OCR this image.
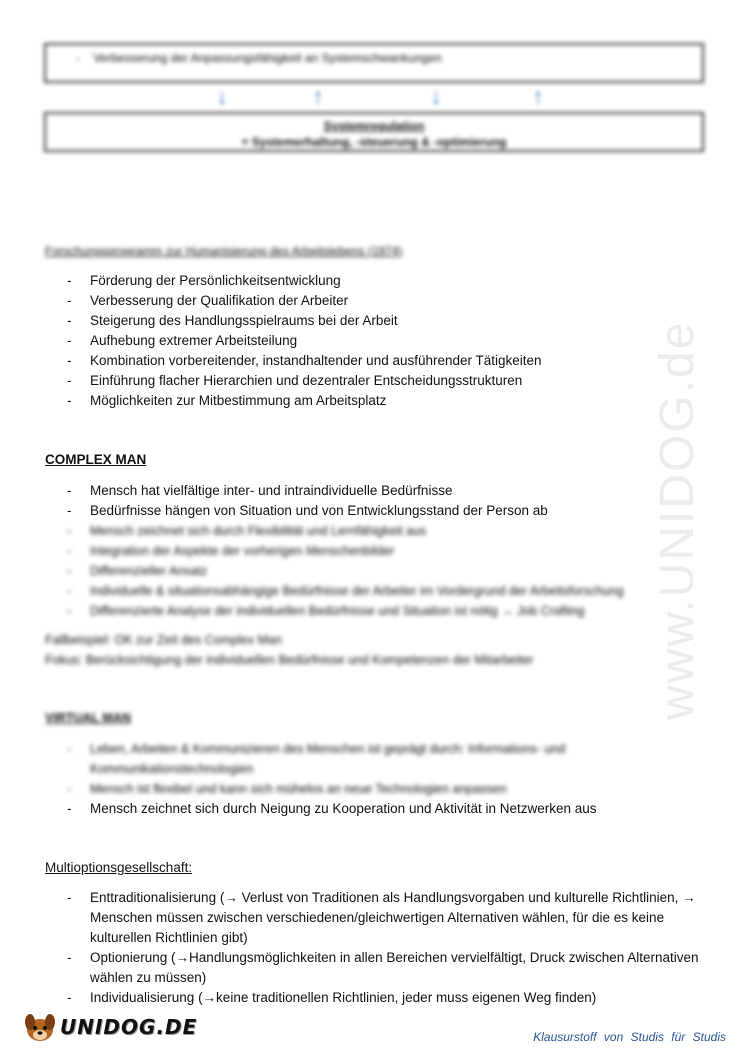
www.UNIDOG.de
-    Verbesserung der Anpassungsfähigkeit an Systemschwankungen
↓	↑	↓	↑
Systemregulation
= Systemerhaltung, -steuerung & -optimierung
Forschungsprogramm zur Humanisierung des Arbeitslebens (1974)
- Förderung der Persönlichkeitsentwicklung
- Verbesserung der Qualifikation der Arbeiter
- Steigerung des Handlungsspielraums bei der Arbeit
- Aufhebung extremer Arbeitsteilung
- Kombination vorbereitender, instandhaltender und ausführender Tätigkeiten
- Einführung flacher Hierarchien und dezentraler Entscheidungsstrukturen
- Möglichkeiten zur Mitbestimmung am Arbeitsplatz
COMPLEX MAN
- Mensch hat vielfältige inter- und intraindividuelle Bedürfnisse
- Bedürfnisse hängen von Situation und von Entwicklungsstand der Person ab
- Mensch zeichnet sich durch Flexibilität und Lernfähigkeit aus
- Integration der Aspekte der vorherigen Menschenbilder
- Differenzieller Ansatz
- Individuelle & situationsabhängige Bedürfnisse der Arbeiter im Vordergrund der Arbeitsforschung
- Differenzierte Analyse der individuellen Bedürfnisse und Situation ist nötig → Job Crafting
Fallbeispiel: OK zur Zeit des Complex Man
Fokus: Berücksichtigung der individuellen Bedürfnisse und Kompetenzen der Mitarbeiter
VIRTUAL MAN
- Leben, Arbeiten & Kommunizieren des Menschen ist geprägt durch: Informations- und Kommunikationstechnologien
- Mensch ist flexibel und kann sich mühelos an neue Technologien anpassen
- Mensch zeichnet sich durch Neigung zu Kooperation und Aktivität in Netzwerken aus
Multioptionsgesellschaft:
- Enttraditionalisierung (→ Verlust von Traditionen als Handlungsvorgaben und kulturelle Richtlinien, → Menschen müssen zwischen verschiedenen/gleichwertigen Alternativen wählen, für die es keine kulturellen Richtlinien gibt)
- Optionierung (→Handlungsmöglichkeiten in allen Bereichen vervielfältigt, Druck zwischen Alternativen wählen zu müssen)
- Individualisierung (→keine traditionellen Richtlinien, jeder muss eigenen Weg finden)
UNIDOG.DE	Klausurstoff von Studis für Studis
